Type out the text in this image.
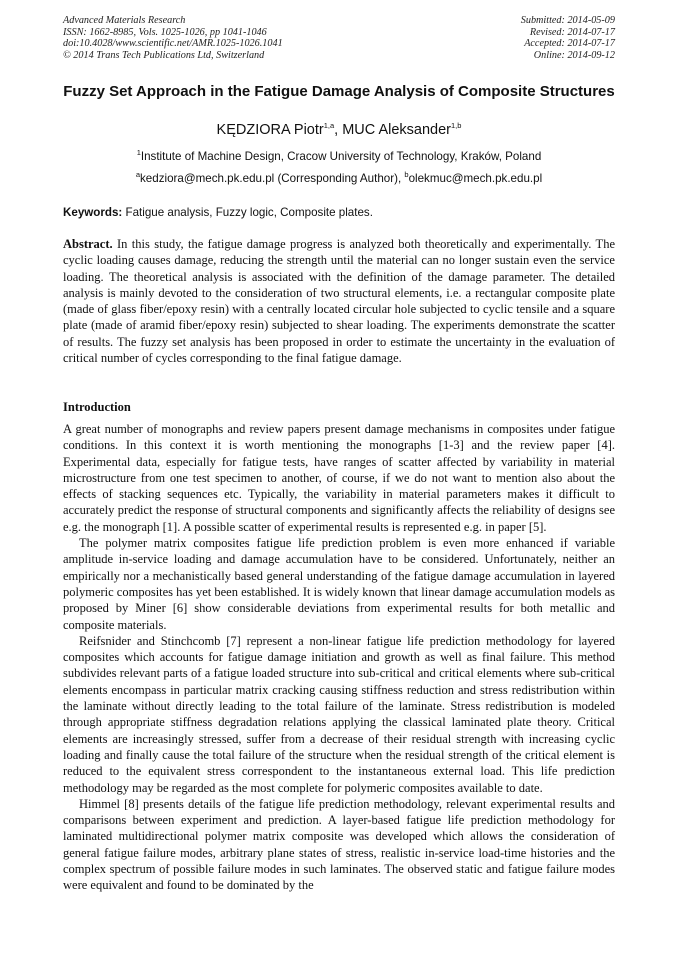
Advanced Materials Research
ISSN: 1662-8985, Vols. 1025-1026, pp 1041-1046
doi:10.4028/www.scientific.net/AMR.1025-1026.1041
© 2014 Trans Tech Publications Ltd, Switzerland
Submitted: 2014-05-09
Revised: 2014-07-17
Accepted: 2014-07-17
Online: 2014-09-12
Fuzzy Set Approach in the Fatigue Damage Analysis of Composite Structures
KĘDZIORA Piotr$^{1,a}$, MUC Aleksander$^{1,b}$
$^1$Institute of Machine Design, Cracow University of Technology, Kraków, Poland
$^a$kedziora@mech.pk.edu.pl (Corresponding Author), $^b$olekmuc@mech.pk.edu.pl
Keywords: Fatigue analysis, Fuzzy logic, Composite plates.
Abstract. In this study, the fatigue damage progress is analyzed both theoretically and experimentally. The cyclic loading causes damage, reducing the strength until the material can no longer sustain even the service loading. The theoretical analysis is associated with the definition of the damage parameter. The detailed analysis is mainly devoted to the consideration of two structural elements, i.e. a rectangular composite plate (made of glass fiber/epoxy resin) with a centrally located circular hole subjected to cyclic tensile and a square plate (made of aramid fiber/epoxy resin) subjected to shear loading. The experiments demonstrate the scatter of results. The fuzzy set analysis has been proposed in order to estimate the uncertainty in the evaluation of critical number of cycles corresponding to the final fatigue damage.
Introduction

A great number of monographs and review papers present damage mechanisms in composites under fatigue conditions. In this context it is worth mentioning the monographs [1-3] and the review paper [4]. Experimental data, especially for fatigue tests, have ranges of scatter affected by variability in material microstructure from one test specimen to another, of course, if we do not want to mention also about the effects of stacking sequences etc. Typically, the variability in material parameters makes it difficult to accurately predict the response of structural components and significantly affects the reliability of designs see e.g. the monograph [1]. A possible scatter of experimental results is represented e.g. in paper [5].

The polymer matrix composites fatigue life prediction problem is even more enhanced if variable amplitude in-service loading and damage accumulation have to be considered. Unfortunately, neither an empirically nor a mechanistically based general understanding of the fatigue damage accumulation in layered polymeric composites has yet been established. It is widely known that linear damage accumulation models as proposed by Miner [6] show considerable deviations from experimental results for both metallic and composite materials.

Reifsnider and Stinchcomb [7] represent a non-linear fatigue life prediction methodology for layered composites which accounts for fatigue damage initiation and growth as well as final failure. This method subdivides relevant parts of a fatigue loaded structure into sub-critical and critical elements where sub-critical elements encompass in particular matrix cracking causing stiffness reduction and stress redistribution within the laminate without directly leading to the total failure of the laminate. Stress redistribution is modeled through appropriate stiffness degradation relations applying the classical laminated plate theory. Critical elements are increasingly stressed, suffer from a decrease of their residual strength with increasing cyclic loading and finally cause the total failure of the structure when the residual strength of the critical element is reduced to the equivalent stress correspondent to the instantaneous external load. This life prediction methodology may be regarded as the most complete for polymeric composites available to date.

Himmel [8] presents details of the fatigue life prediction methodology, relevant experimental results and comparisons between experiment and prediction. A layer-based fatigue life prediction methodology for laminated multidirectional polymer matrix composite was developed which allows the consideration of general fatigue failure modes, arbitrary plane states of stress, realistic in-service load-time histories and the complex spectrum of possible failure modes in such laminates. The observed static and fatigue failure modes were equivalent and found to be dominated by the
